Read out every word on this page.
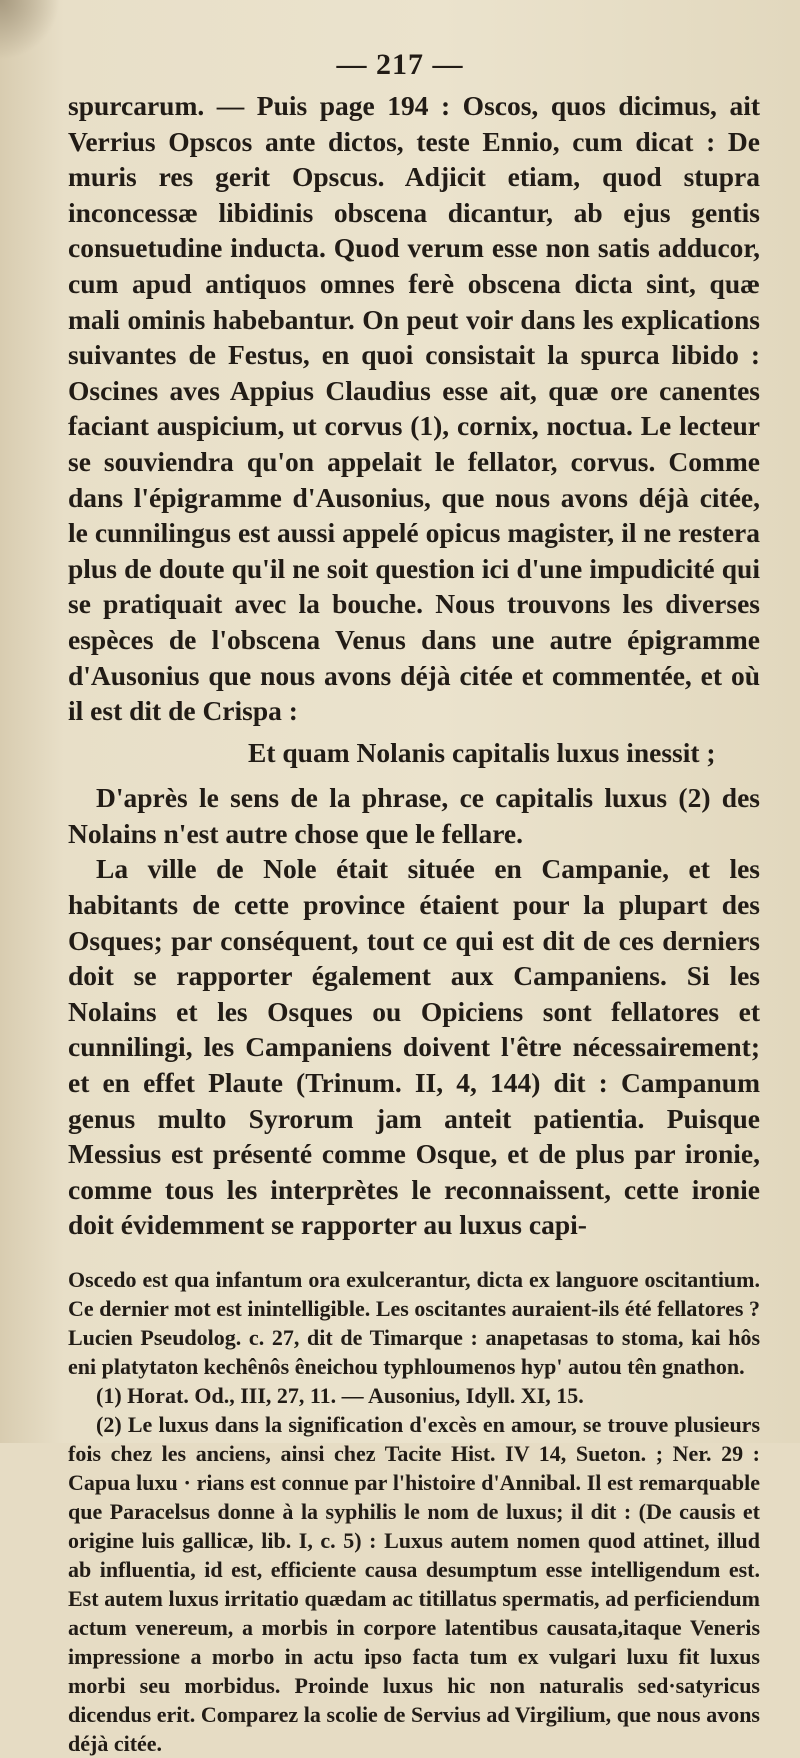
— 217 —

spurcarum. — Puis page 194 : Oscos, quos dicimus, ait Verrius Opscos ante dictos, teste Ennio, cum dicat : De muris res gerit Opscus. Adjicit etiam, quod stupra inconcessæ libidinis obscena dicantur, ab ejus gentis consuetudine inducta. Quod verum esse non satis adducor, cum apud antiquos omnes ferè obscena dicta sint, quæ mali ominis habebantur. On peut voir dans les explications suivantes de Festus, en quoi consistait la spurca libido : Oscines aves Appius Claudius esse ait, quæ ore canentes faciant auspicium, ut corvus (1), cornix, noctua. Le lecteur se souviendra qu'on appelait le fellator, corvus. Comme dans l'épigramme d'Ausonius, que nous avons déjà citée, le cunnilingus est aussi appelé opicus magister, il ne restera plus de doute qu'il ne soit question ici d'une impudicité qui se pratiquait avec la bouche. Nous trouvons les diverses espèces de l'obscena Venus dans une autre épigramme d'Ausonius que nous avons déjà citée et commentée, et où il est dit de Crispa :

Et quam Nolanis capitalis luxus inessit ;

D'après le sens de la phrase, ce capitalis luxus (2) des Nolains n'est autre chose que le fellare.

La ville de Nole était située en Campanie, et les habitants de cette province étaient pour la plupart des Osques; par conséquent, tout ce qui est dit de ces derniers doit se rapporter également aux Campaniens. Si les Nolains et les Osques ou Opiciens sont fellatores et cunnilingi, les Campaniens doivent l'être nécessairement; et en effet Plaute (Trinum. II, 4, 144) dit : Campanum genus multo Syrorum jam anteit patientia. Puisque Messius est présenté comme Osque, et de plus par ironie, comme tous les interprètes le reconnaissent, cette ironie doit évidemment se rapporter au luxus capi-

Oscedo est qua infantum ora exulcerantur, dicta ex languore oscitantium. Ce dernier mot est inintelligible. Les oscitantes auraient-ils été fellatores ? Lucien Pseudolog. c. 27, dit de Timarque : anapetasas to stoma, kai hôs eni platytaton kechênôs êneichou typhloumenos hyp' autou tên gnathon.

(1) Horat. Od., III, 27, 11. — Ausonius, Idyll. XI, 15.

(2) Le luxus dans la signification d'excès en amour, se trouve plusieurs fois chez les anciens, ainsi chez Tacite Hist. IV 14, Sueton. ; Ner. 29 : Capua luxu · rians est connue par l'histoire d'Annibal. Il est remarquable que Paracelsus donne à la syphilis le nom de luxus; il dit : (De causis et origine luis gallicæ, lib. I, c. 5) : Luxus autem nomen quod attinet, illud ab influentia, id est, efficiente causa desumptum esse intelligendum est. Est autem luxus irritatio quædam ac titillatus spermatis, ad perficiendum actum venereum, a morbis in corpore latentibus causata,itaque Veneris impressione a morbo in actu ipso facta tum ex vulgari luxu fit luxus morbi seu morbidus. Proinde luxus hic non naturalis sed·satyricus dicendus erit. Comparez la scolie de Servius ad Virgilium, que nous avons déjà citée.
